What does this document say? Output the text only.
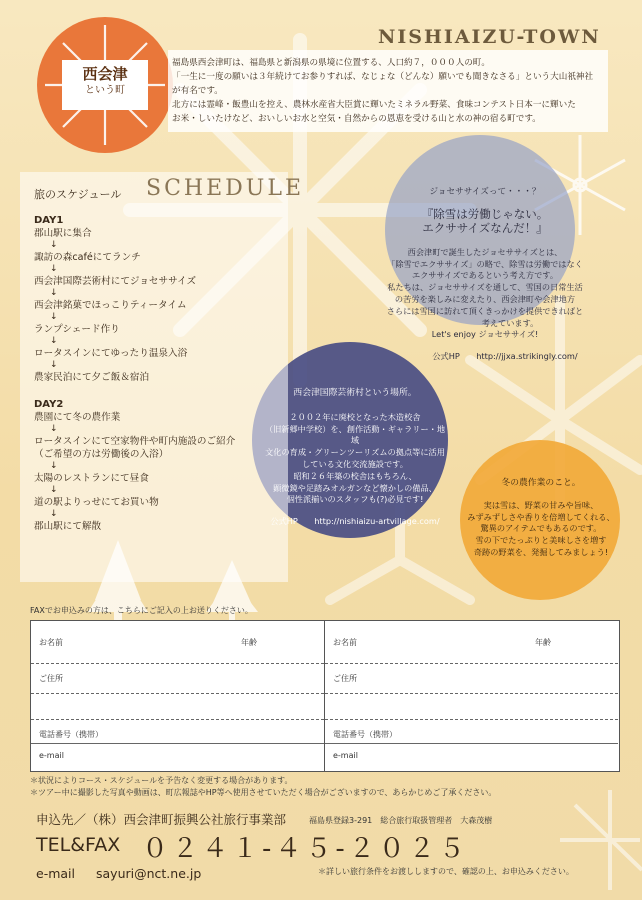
西会津
という町
NISHIAIZU-TOWN
福島県西会津町は、福島県と新潟県の県境に位置する、人口約７，０００人の町。
「一生に一度の願いは３年続けてお参りすれば、なじょな（どんな）願いでも聞きなさる」という大山祇神社
が有名です。
北方には霊峰・飯豊山を控え、農林水産省大臣賞に輝いたミネラル野菜、食味コンテスト日本一に輝いた
お米・しいたけなど、おいしいお水と空気・自然からの恩恵を受ける山と水の神の宿る町です。
旅のスケジュール SCHEDULE
DAY1
郡山駅に集合
↓
諏訪の森caféにてランチ
↓
西会津国際芸術村にてジョセササイズ
↓
西会津銘菓でほっこりティータイム
↓
ランプシェード作り
↓
ロータスインにてゆったり温泉入浴
↓
農家民泊にて夕ご飯＆宿泊
DAY2
農園にて冬の農作業
↓
ロータスインにて空家物件や町内施設のご紹介
（ご希望の方は労働後の入浴）
↓
太陽のレストランにて昼食
↓
道の駅よりっせにてお買い物
↓
郡山駅にて解散
ジョセササイズって・・・？
『除雪は労働じゃない。
エクササイズなんだ！』
西会津町で誕生したジョセササイズとは、
「除雪でエクササイズ」の略で、除雪は労働ではなく
エクササイズであるという考え方です。
私たちは、ジョセササイズを通して、雪国の日常生活
の苦労を楽しみに変えたり、西会津町や会津地方
さらには雪国に訪れて頂くきっかけを提供できればと
考えています。
Let's enjoy ジョセササイズ!
公式HP　　http://jjxa.strikingly.com/
西会津国際芸術村という場所。
２００２年に廃校となった木造校舎
（旧新郷中学校）を、創作活動・ギャラリー・地域
文化の育成・グリーンツーリズムの拠点等に活用
している文化交流施設です。
昭和２６年築の校舎はもちろん、
顕微鏡や足踏みオルガンなど懐かしの備品、
個性派揃いのスタッフも(?)必見です!
公式HP　　http://nishiaizu-artvillage.com/
冬の農作業のこと。
実は雪は、野菜の甘みや旨味、
みずみずしさや香りを倍増してくれる、
驚異のアイテムでもあるのです。
雪の下でたっぷりと美味しさを増す
奇跡の野菜を、発掘してみましょう!
FAXでお申込みの方は、こちらにご記入の上お送りください。
お名前	年齢
ご住所
電話番号（携帯）
e-mail
お名前	年齢
ご住所
電話番号（携帯）
e-mail
＊状況によりコース・スケジュールを予告なく変更する場合があります。
＊ツアー中に撮影した写真や動画は、町広報誌やHP等へ使用させていただく場合がございますので、あらかじめご了承ください。
申込先／（株）西会津町振興公社旅行事業部	福島県登録3-291　総合旅行取扱管理者　大森茂樹
TEL&FAX ０２４１-４５-２０２５
e-mail sayuri@nct.ne.jp	＊詳しい旅行条件をお渡ししますので、確認の上、お申込みください。
